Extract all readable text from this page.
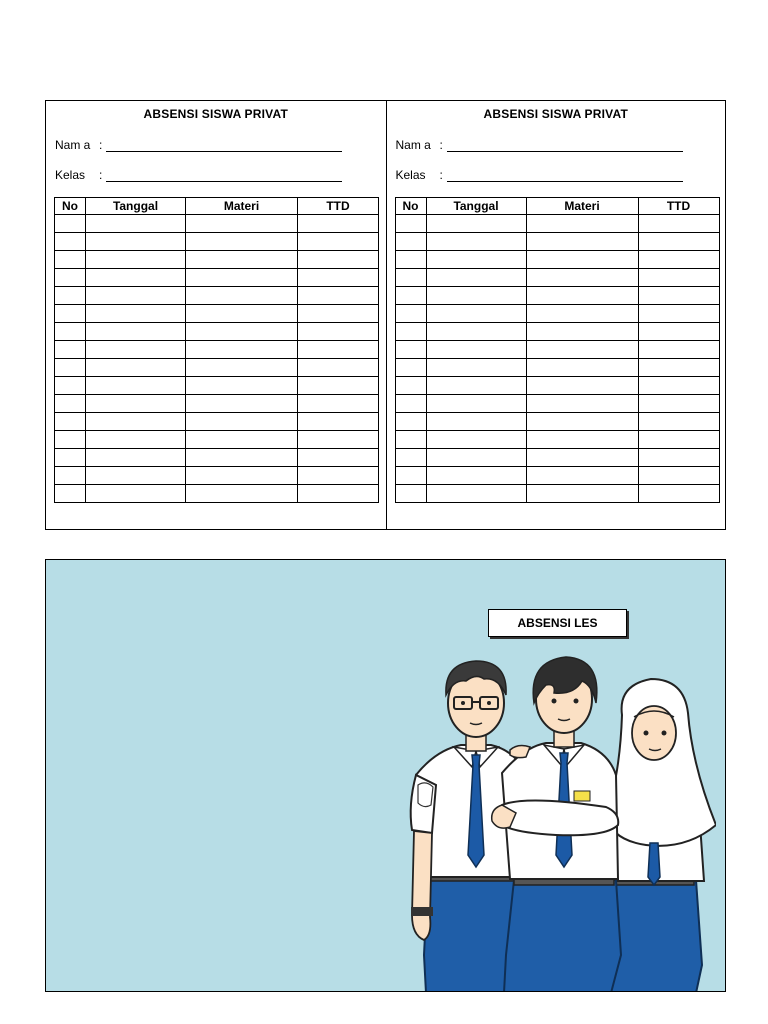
ABSENSI SISWA PRIVAT
Nam a :
Kelas	:
No	Tanggal	Materi	TTD

ABSENSI SISWA PRIVAT
Nam a :
Kelas	:
No	Tanggal	Materi	TTD

ABSENSI LES
